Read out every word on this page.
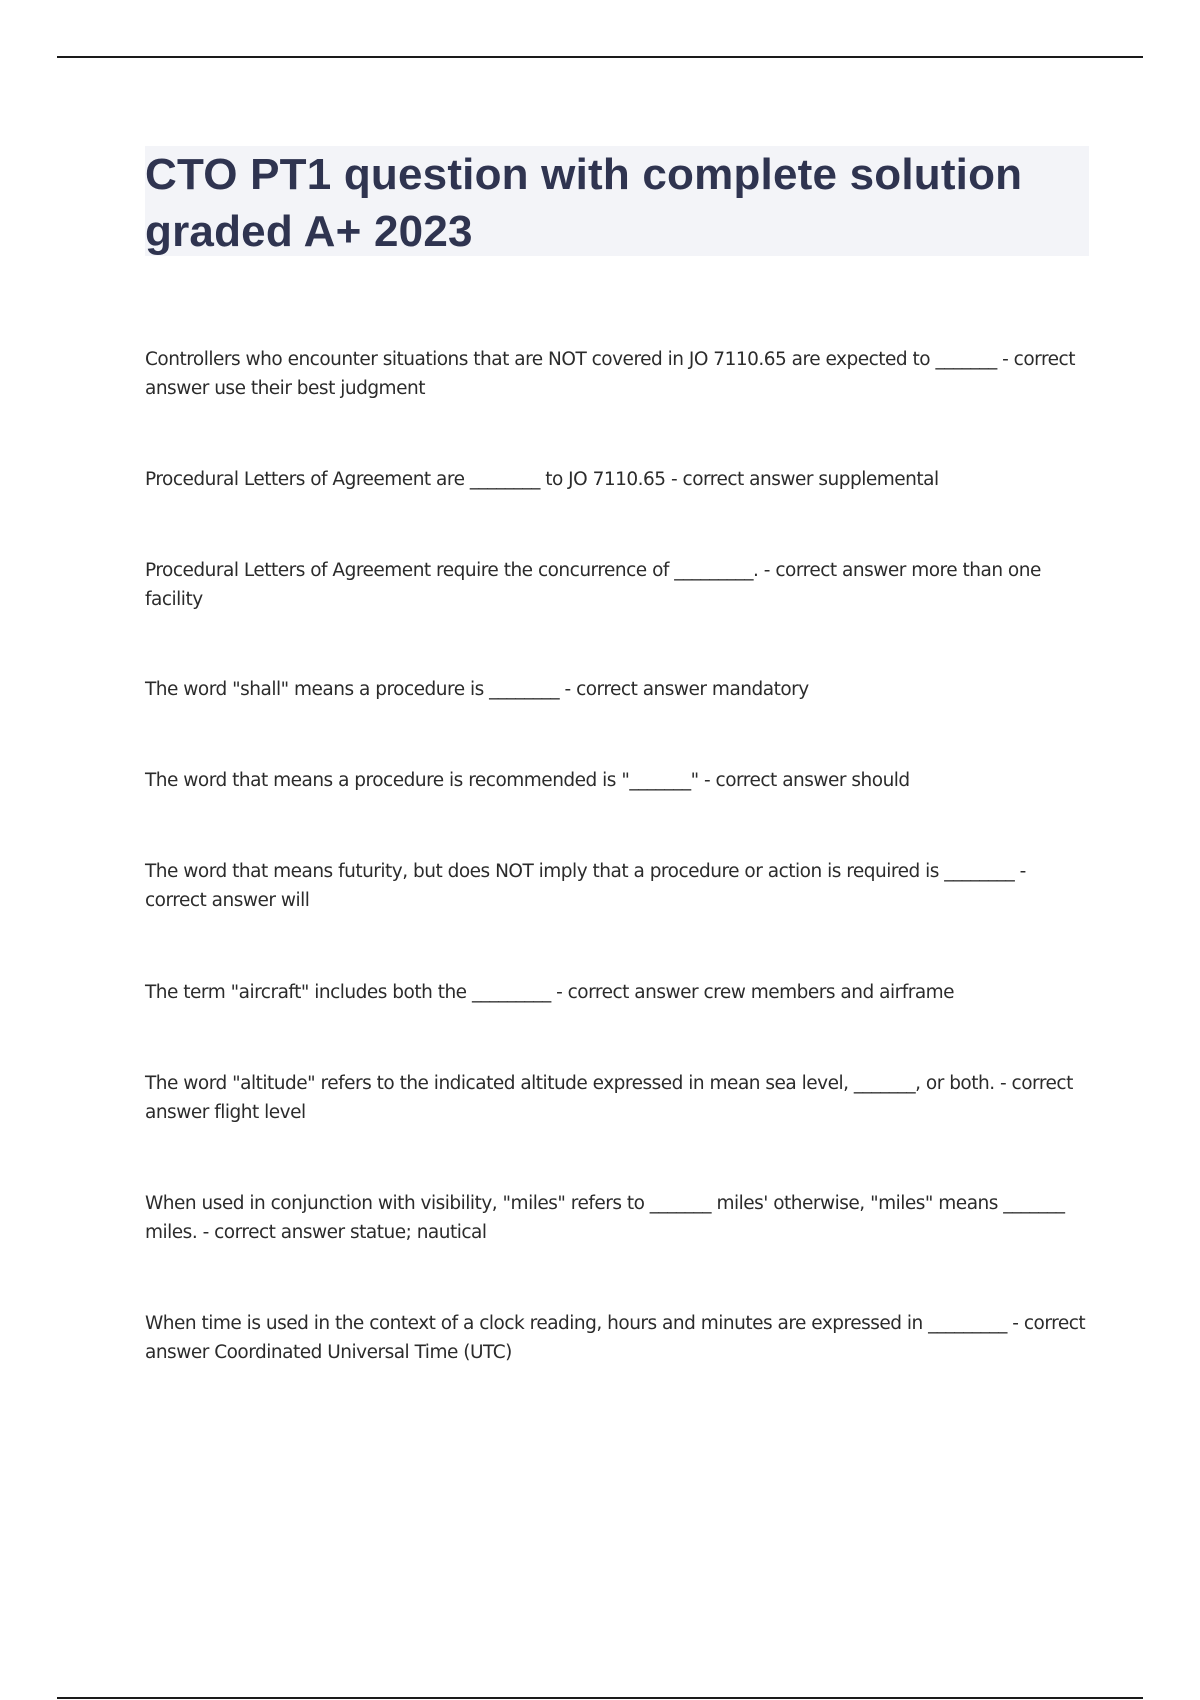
CTO PT1 question with complete solution graded A+ 2023

Controllers who encounter situations that are NOT covered in JO 7110.65 are expected to _______ - correct answer use their best judgment

Procedural Letters of Agreement are ________ to JO 7110.65 - correct answer supplemental

Procedural Letters of Agreement require the concurrence of _________. - correct answer more than one facility

The word "shall" means a procedure is ________ - correct answer mandatory

The word that means a procedure is recommended is "_______" - correct answer should

The word that means futurity, but does NOT imply that a procedure or action is required is ________ - correct answer will

The term "aircraft" includes both the _________ - correct answer crew members and airframe

The word "altitude" refers to the indicated altitude expressed in mean sea level, _______, or both. - correct answer flight level

When used in conjunction with visibility, "miles" refers to _______ miles' otherwise, "miles" means _______ miles. - correct answer statue; nautical

When time is used in the context of a clock reading, hours and minutes are expressed in _________ - correct answer Coordinated Universal Time (UTC)
